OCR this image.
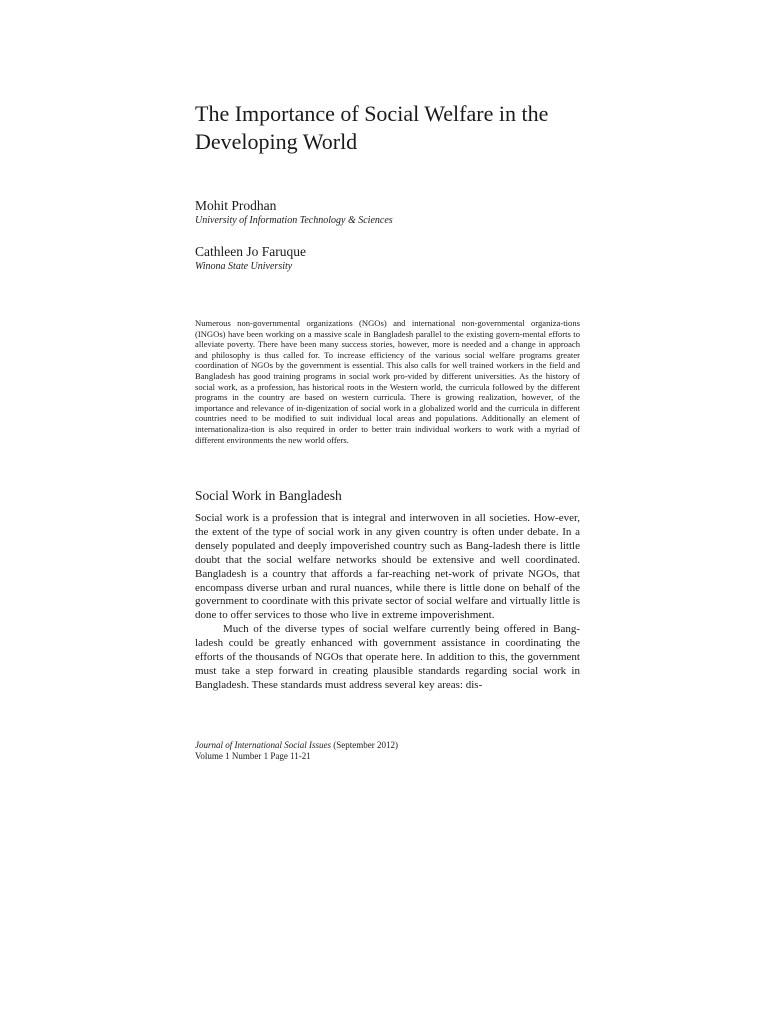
The Importance of Social Welfare in the Developing World
Mohit Prodhan
University of Information Technology & Sciences
Cathleen Jo Faruque
Winona State University

Numerous non-governmental organizations (NGOs) and international non-governmental organiza-tions (INGOs) have been working on a massive scale in Bangladesh parallel to the existing govern-mental efforts to alleviate poverty. There have been many success stories, however, more is needed and a change in approach and philosophy is thus called for. To increase efficiency of the various social welfare programs greater coordination of NGOs by the government is essential. This also calls for well trained workers in the field and Bangladesh has good training programs in social work pro-vided by different universities. As the history of social work, as a profession, has historical roots in the Western world, the curricula followed by the different programs in the country are based on western curricula. There is growing realization, however, of the importance and relevance of in-digenization of social work in a globalized world and the curricula in different countries need to be modified to suit individual local areas and populations. Additionally an element of internationaliza-tion is also required in order to better train individual workers to work with a myriad of different environments the new world offers.

Social Work in Bangladesh

Social work is a profession that is integral and interwoven in all societies. How-ever, the extent of the type of social work in any given country is often under debate. In a densely populated and deeply impoverished country such as Bang-ladesh there is little doubt that the social welfare networks should be extensive and well coordinated. Bangladesh is a country that affords a far-reaching net-work of private NGOs, that encompass diverse urban and rural nuances, while there is little done on behalf of the government to coordinate with this private sector of social welfare and virtually little is done to offer services to those who live in extreme impoverishment.

Much of the diverse types of social welfare currently being offered in Bang-ladesh could be greatly enhanced with government assistance in coordinating the efforts of the thousands of NGOs that operate here. In addition to this, the government must take a step forward in creating plausible standards regarding social work in Bangladesh. These standards must address several key areas: dis-

Journal of International Social Issues (September 2012)
Volume 1 Number 1 Page 11-21
